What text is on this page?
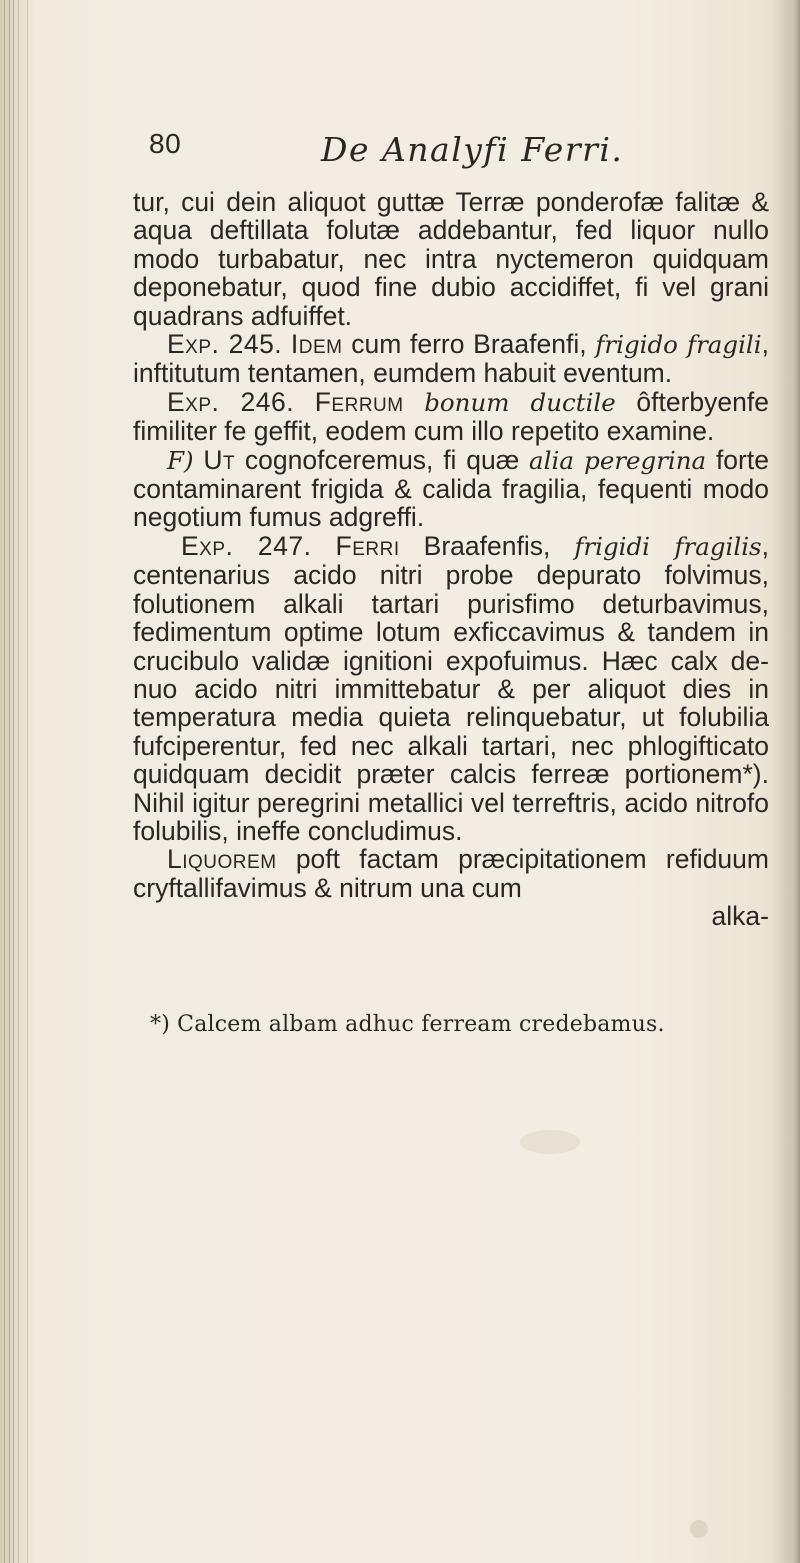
80	De Analyfi Ferri.

tur, cui dein aliquot guttæ Terræ ponderofæ falitæ & aqua deftillata folutæ addebantur, fed liquor nullo modo turbabatur, nec intra nyctemeron quidquam deponebatur, quod fine dubio accidiffet, fi vel grani quadrans adfuiffet.

Exp. 245. Idem cum ferro Braafenfi, frigido fragili, inftitutum tentamen, eumdem habuit eventum.

Exp. 246. Ferrum bonum ductile ôfterbyenfe fimiliter fe geffit, eodem cum illo repetito examine.

F) Ut cognofceremus, fi quæ alia peregrina forte contaminarent frigida & calida fragilia, fequenti modo negotium fumus adgreffi.

Exp. 247. Ferri Braafenfis, frigidi fragilis, centenarius acido nitri probe depurato folvimus, folutionem alkali tartari purisfimo deturbavimus, fedimentum optime lotum exficcavimus & tandem in crucibulo validæ ignitioni expofuimus. Hæc calx denuo acido nitri immittebatur & per aliquot dies in temperatura media quieta relinquebatur, ut folubilia fufciperentur, fed nec alkali tartari, nec phlogifticato quidquam decidit præter calcis ferreæ portionem*). Nihil igitur peregrini metallici vel terreftris, acido nitrofo folubilis, ineffe concludimus.

Liquorem poft factam præcipitationem refiduum cryftallifavimus & nitrum una cum

alka-
*) Calcem albam adhuc ferream credebamus.
